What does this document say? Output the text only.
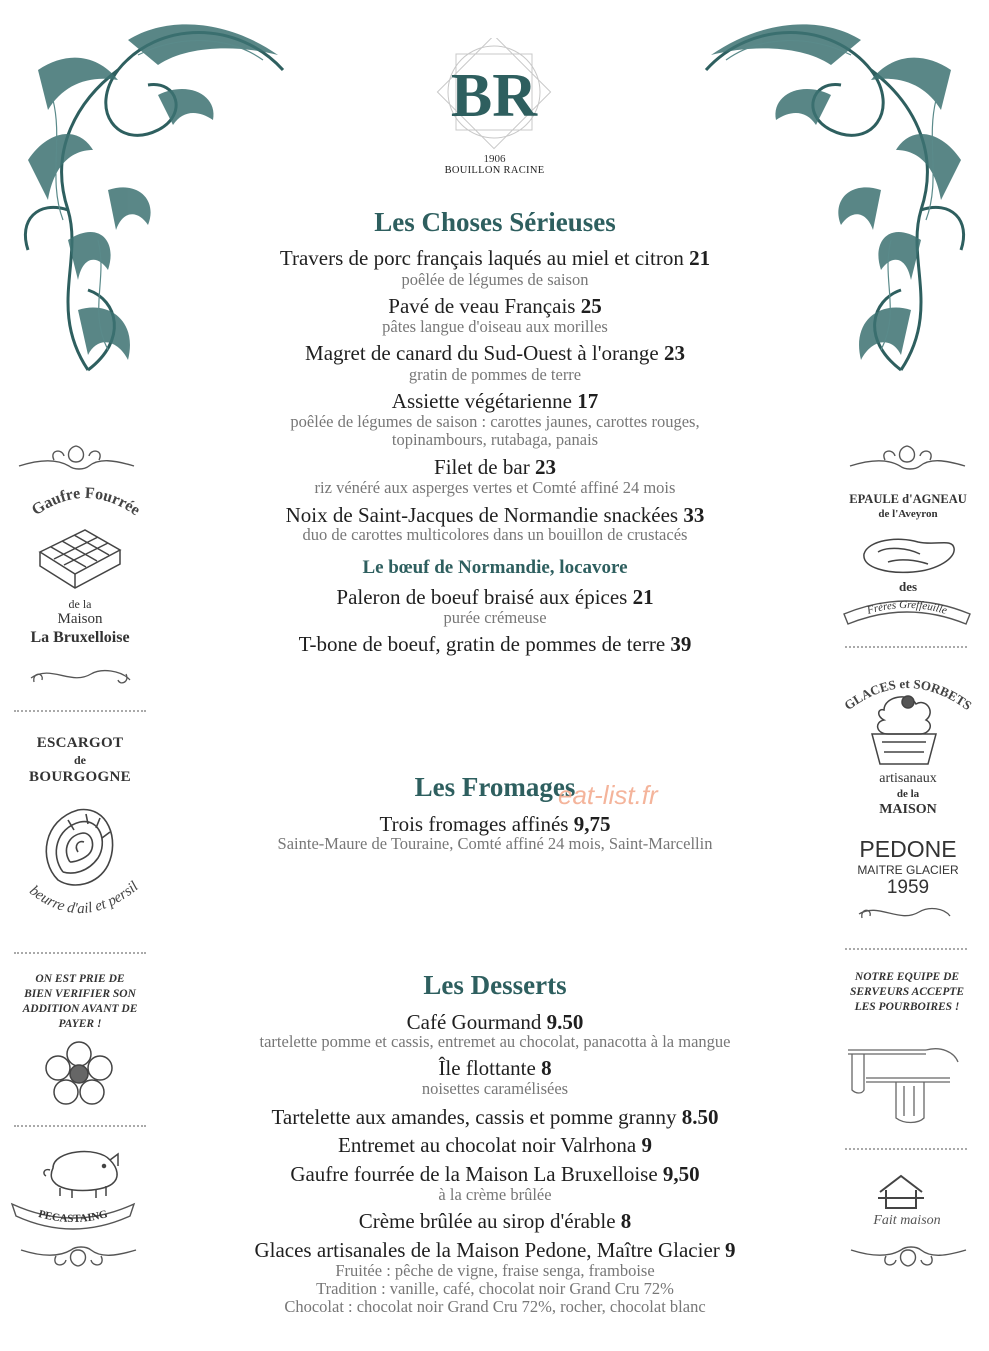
BR
1906
BOUILLON RACINE
Les Choses Sérieuses
Travers de porc français laqués au miel et citron 21
poêlée de légumes de saison
Pavé de veau Français 25
pâtes langue d'oiseau aux morilles
Magret de canard du Sud-Ouest à l'orange 23
gratin de pommes de terre
Assiette végétarienne 17
poêlée de légumes de saison : carottes jaunes, carottes rouges,
topinambours, rutabaga, panais
Filet de bar 23
riz vénéré aux asperges vertes et Comté affiné 24 mois
Noix de Saint-Jacques de Normandie snackées 33
duo de carottes multicolores dans un bouillon de crustacés
Le bœuf de Normandie, locavore
Paleron de boeuf braisé aux épices 21
purée crémeuse
T-bone de boeuf, gratin de pommes de terre 39
Les Fromages
eat-list.fr
Trois fromages affinés 9,75
Sainte-Maure de Touraine, Comté affiné 24 mois, Saint-Marcellin
Les Desserts
Café Gourmand 9.50
tartelette pomme et cassis, entremet au chocolat, panacotta à la mangue
Île flottante 8
noisettes caramélisées
Tartelette aux amandes, cassis et pomme granny 8.50
Entremet au chocolat noir Valrhona 9
Gaufre fourrée de la Maison La Bruxelloise 9,50
à la crème brûlée
Crème brûlée au sirop d'érable 8
Glaces artisanales de la Maison Pedone, Maître Glacier 9
Fruitée : pêche de vigne, fraise senga, framboise
Tradition : vanille, café, chocolat noir Grand Cru 72%
Chocolat : chocolat noir Grand Cru 72%, rocher, chocolat blanc
Gaufre Fourrée
de la
Maison
La Bruxelloise
ESCARGOT
de
BOURGOGNE
beurre d'ail et persil
ON EST PRIE DE
BIEN VERIFIER SON
ADDITION AVANT DE
PAYER !
PECASTAING
EPAULE d'AGNEAU
de l'Aveyron
des
Frères Greffeuille
GLACES et SORBETS
artisanaux
de la
MAISON
PEDONE
MAITRE GLACIER
1959
NOTRE EQUIPE DE
SERVEURS ACCEPTE
LES POURBOIRES !
Fait maison
